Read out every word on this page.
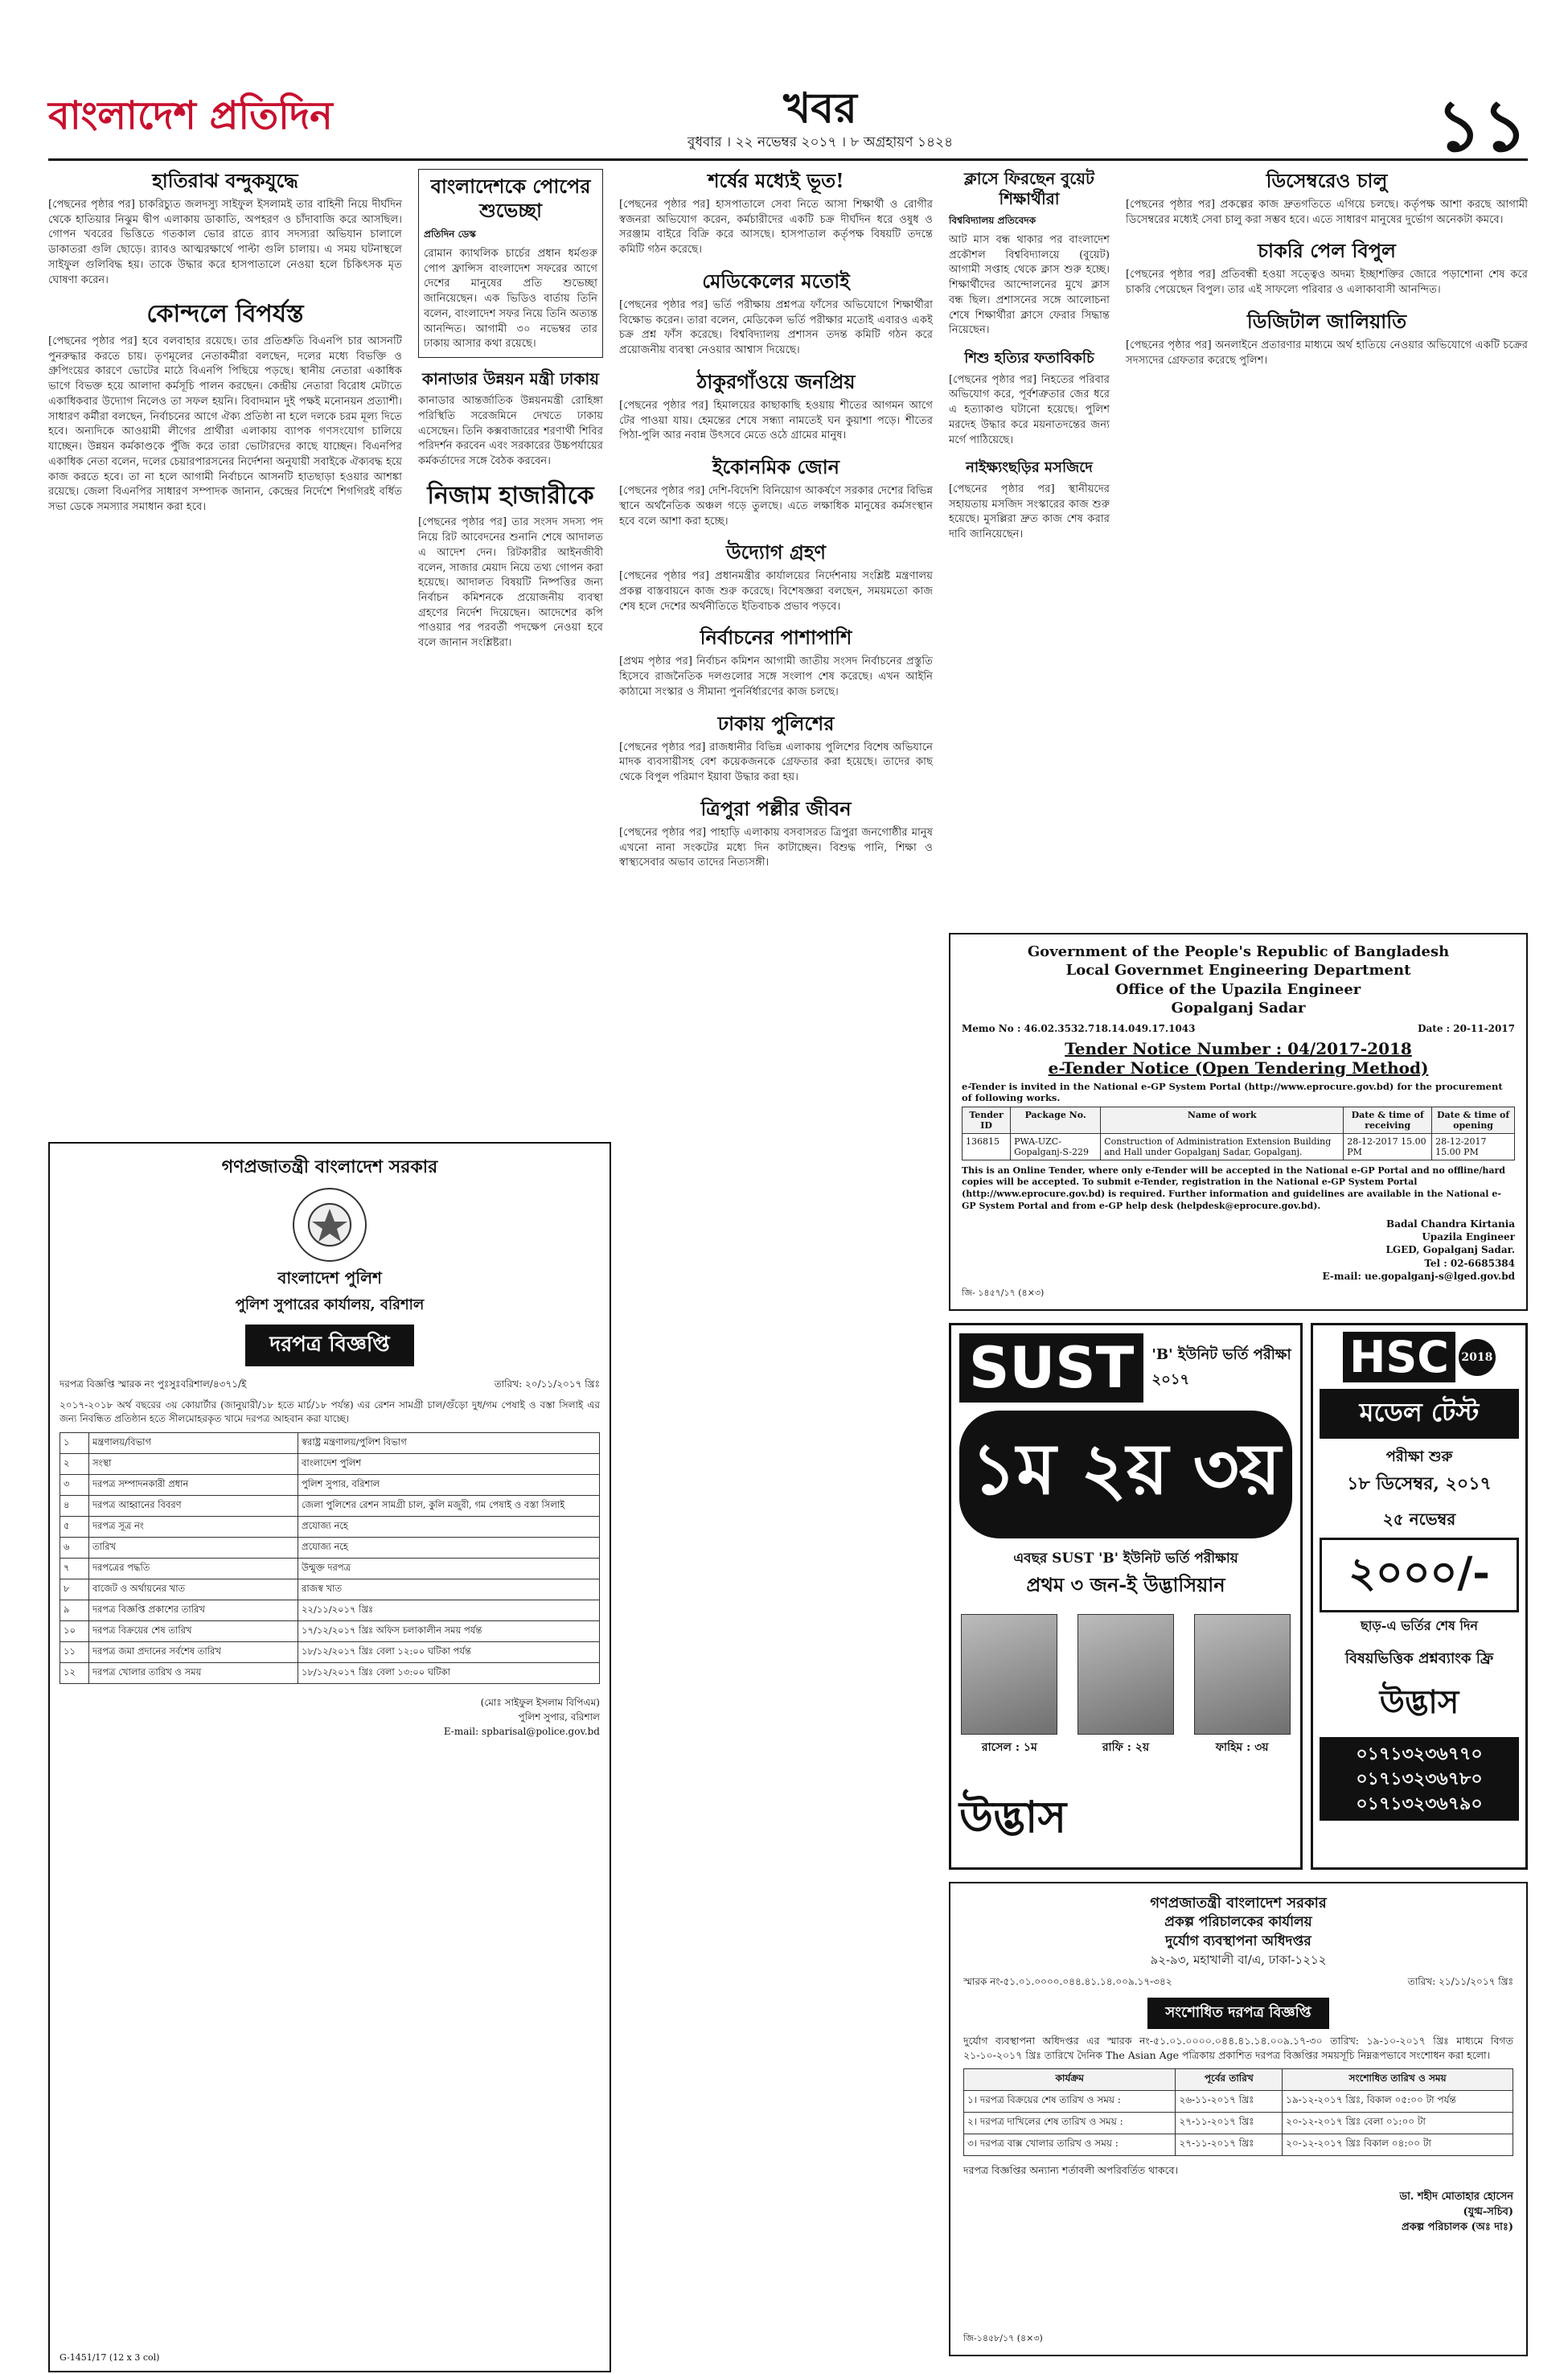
বাংলাদেশ প্রতিদিন	খবর
বুধবার । ২২ নভেম্বর ২০১৭ । ৮ অগ্রহায়ণ ১৪২৪	১১
হাতিরাঝ বন্দুকযুদ্ধে
[পেছনের পৃষ্ঠার পর] চাকরিচ্যুত জলদস্যু সাইফুল ইসলামই তার বাহিনী নিয়ে দীর্ঘদিন থেকে হাতিয়ার নিঝুম দ্বীপ এলাকায় ডাকাতি, অপহরণ ও চাঁদাবাজি করে আসছিল। গোপন খবরের ভিত্তিতে গতকাল ভোর রাতে র‌্যাব সদস্যরা অভিযান চালালে ডাকাতরা গুলি ছোড়ে। র‌্যাবও আত্মরক্ষার্থে পাল্টা গুলি চালায়। এ সময় ঘটনাস্থলে সাইফুল গুলিবিদ্ধ হয়। তাকে উদ্ধার করে হাসপাতালে নেওয়া হলে চিকিৎসক মৃত ঘোষণা করেন।
কোন্দলে বিপর্যস্ত
[পেছনের পৃষ্ঠার পর] হবে বলবাহার রয়েছে। তার প্রতিশ্রুতি বিএনপি চার আসনটি পুনরুদ্ধার করতে চায়। তৃণমূলের নেতাকর্মীরা বলছেন, দলের মধ্যে বিভক্তি ও গ্রুপিংয়ের কারণে ভোটের মাঠে বিএনপি পিছিয়ে পড়ছে। স্থানীয় নেতারা একাধিক ভাগে বিভক্ত হয়ে আলাদা কর্মসূচি পালন করছেন। কেন্দ্রীয় নেতারা বিরোধ মেটাতে একাধিকবার উদ্যোগ নিলেও তা সফল হয়নি। বিবাদমান দুই পক্ষই মনোনয়ন প্রত্যাশী। সাধারণ কর্মীরা বলছেন, নির্বাচনের আগে ঐক্য প্রতিষ্ঠা না হলে দলকে চরম মূল্য দিতে হবে। অন্যদিকে আওয়ামী লীগের প্রার্থীরা এলাকায় ব্যাপক গণসংযোগ চালিয়ে যাচ্ছেন। উন্নয়ন কর্মকাণ্ডকে পুঁজি করে তারা ভোটারদের কাছে যাচ্ছেন। বিএনপির একাধিক নেতা বলেন, দলের চেয়ারপারসনের নির্দেশনা অনুযায়ী সবাইকে ঐক্যবদ্ধ হয়ে কাজ করতে হবে। তা না হলে আগামী নির্বাচনে আসনটি হাতছাড়া হওয়ার আশঙ্কা রয়েছে। জেলা বিএনপির সাধারণ সম্পাদক জানান, কেন্দ্রের নির্দেশে শিগগিরই বর্ধিত সভা ডেকে সমস্যার সমাধান করা হবে।
বাংলাদেশকে পোপের শুভেচ্ছা
প্রতিদিন ডেস্ক
রোমান ক্যাথলিক চার্চের প্রধান ধর্মগুরু পোপ ফ্রান্সিস বাংলাদেশ সফরের আগে দেশের মানুষের প্রতি শুভেচ্ছা জানিয়েছেন। এক ভিডিও বার্তায় তিনি বলেন, বাংলাদেশ সফর নিয়ে তিনি অত্যন্ত আনন্দিত। আগামী ৩০ নভেম্বর তার ঢাকায় আসার কথা রয়েছে।
কানাডার উন্নয়ন মন্ত্রী ঢাকায়
কানাডার আন্তর্জাতিক উন্নয়নমন্ত্রী রোহিঙ্গা পরিস্থিতি সরেজমিনে দেখতে ঢাকায় এসেছেন। তিনি কক্সবাজারের শরণার্থী শিবির পরিদর্শন করবেন এবং সরকারের উচ্চপর্যায়ের কর্মকর্তাদের সঙ্গে বৈঠক করবেন।
নিজাম হাজারীকে
[পেছনের পৃষ্ঠার পর] তার সংসদ সদস্য পদ নিয়ে রিট আবেদনের শুনানি শেষে আদালত এ আদেশ দেন। রিটকারীর আইনজীবী বলেন, সাজার মেয়াদ নিয়ে তথ্য গোপন করা হয়েছে। আদালত বিষয়টি নিষ্পত্তির জন্য নির্বাচন কমিশনকে প্রয়োজনীয় ব্যবস্থা গ্রহণের নির্দেশ দিয়েছেন। আদেশের কপি পাওয়ার পর পরবর্তী পদক্ষেপ নেওয়া হবে বলে জানান সংশ্লিষ্টরা।
শর্ষের মধ্যেই ভূত!
[পেছনের পৃষ্ঠার পর] হাসপাতালে সেবা নিতে আসা শিক্ষার্থী ও রোগীর স্বজনরা অভিযোগ করেন, কর্মচারীদের একটি চক্র দীর্ঘদিন ধরে ওষুধ ও সরঞ্জাম বাইরে বিক্রি করে আসছে। হাসপাতাল কর্তৃপক্ষ বিষয়টি তদন্তে কমিটি গঠন করেছে।
মেডিকেলের মতোই
[পেছনের পৃষ্ঠার পর] ভর্তি পরীক্ষায় প্রশ্নপত্র ফাঁসের অভিযোগে শিক্ষার্থীরা বিক্ষোভ করেন। তারা বলেন, মেডিকেল ভর্তি পরীক্ষার মতোই এবারও একই চক্র প্রশ্ন ফাঁস করেছে। বিশ্ববিদ্যালয় প্রশাসন তদন্ত কমিটি গঠন করে প্রয়োজনীয় ব্যবস্থা নেওয়ার আশ্বাস দিয়েছে।
ঠাকুরগাঁওয়ে জনপ্রিয়
[পেছনের পৃষ্ঠার পর] হিমালয়ের কাছাকাছি হওয়ায় শীতের আগমন আগে টের পাওয়া যায়। হেমন্তের শেষে সন্ধ্যা নামতেই ঘন কুয়াশা পড়ে। শীতের পিঠা-পুলি আর নবান্ন উৎসবে মেতে ওঠে গ্রামের মানুষ।
ইকোনমিক জোন
[পেছনের পৃষ্ঠার পর] দেশি-বিদেশি বিনিয়োগ আকর্ষণে সরকার দেশের বিভিন্ন স্থানে অর্থনৈতিক অঞ্চল গড়ে তুলছে। এতে লক্ষাধিক মানুষের কর্মসংস্থান হবে বলে আশা করা হচ্ছে।
উদ্যোগ গ্রহণ
[পেছনের পৃষ্ঠার পর] প্রধানমন্ত্রীর কার্যালয়ের নির্দেশনায় সংশ্লিষ্ট মন্ত্রণালয় প্রকল্প বাস্তবায়নে কাজ শুরু করেছে। বিশেষজ্ঞরা বলছেন, সময়মতো কাজ শেষ হলে দেশের অর্থনীতিতে ইতিবাচক প্রভাব পড়বে।
নির্বাচনের পাশাপাশি
[প্রথম পৃষ্ঠার পর] নির্বাচন কমিশন আগামী জাতীয় সংসদ নির্বাচনের প্রস্তুতি হিসেবে রাজনৈতিক দলগুলোর সঙ্গে সংলাপ শেষ করেছে। এখন আইনি কাঠামো সংস্কার ও সীমানা পুনর্নির্ধারণের কাজ চলছে।
ঢাকায় পুলিশের
[পেছনের পৃষ্ঠার পর] রাজধানীর বিভিন্ন এলাকায় পুলিশের বিশেষ অভিযানে মাদক ব্যবসায়ীসহ বেশ কয়েকজনকে গ্রেফতার করা হয়েছে। তাদের কাছ থেকে বিপুল পরিমাণ ইয়াবা উদ্ধার করা হয়।
ত্রিপুরা পল্লীর জীবন
[পেছনের পৃষ্ঠার পর] পাহাড়ি এলাকায় বসবাসরত ত্রিপুরা জনগোষ্ঠীর মানুষ এখনো নানা সংকটের মধ্যে দিন কাটাচ্ছেন। বিশুদ্ধ পানি, শিক্ষা ও স্বাস্থ্যসেবার অভাব তাদের নিত্যসঙ্গী।
ক্লাসে ফিরছেন বুয়েট শিক্ষার্থীরা
বিশ্ববিদ্যালয় প্রতিবেদক
আট মাস বন্ধ থাকার পর বাংলাদেশ প্রকৌশল বিশ্ববিদ্যালয়ে (বুয়েট) আগামী সপ্তাহ থেকে ক্লাস শুরু হচ্ছে। শিক্ষার্থীদের আন্দোলনের মুখে ক্লাস বন্ধ ছিল। প্রশাসনের সঙ্গে আলোচনা শেষে শিক্ষার্থীরা ক্লাসে ফেরার সিদ্ধান্ত নিয়েছেন।
শিশু হত্যির ফতাবিকচি
[পেছনের পৃষ্ঠার পর] নিহতের পরিবার অভিযোগ করে, পূর্বশত্রুতার জের ধরে এ হত্যাকাণ্ড ঘটানো হয়েছে। পুলিশ মরদেহ উদ্ধার করে ময়নাতদন্তের জন্য মর্গে পাঠিয়েছে।
নাইক্ষ্যংছড়ির মসজিদে
[পেছনের পৃষ্ঠার পর] স্থানীয়দের সহায়তায় মসজিদ সংস্কারের কাজ শুরু হয়েছে। মুসল্লিরা দ্রুত কাজ শেষ করার দাবি জানিয়েছেন।
ডিসেম্বরেও চালু
[পেছনের পৃষ্ঠার পর] প্রকল্পের কাজ দ্রুতগতিতে এগিয়ে চলছে। কর্তৃপক্ষ আশা করছে আগামী ডিসেম্বরের মধ্যেই সেবা চালু করা সম্ভব হবে। এতে সাধারণ মানুষের দুর্ভোগ অনেকটা কমবে।
চাকরি পেল বিপুল
[পেছনের পৃষ্ঠার পর] প্রতিবন্ধী হওয়া সত্ত্বেও অদম্য ইচ্ছাশক্তির জোরে পড়াশোনা শেষ করে চাকরি পেয়েছেন বিপুল। তার এই সাফল্যে পরিবার ও এলাকাবাসী আনন্দিত।
ডিজিটাল জালিয়াতি
[পেছনের পৃষ্ঠার পর] অনলাইনে প্রতারণার মাধ্যমে অর্থ হাতিয়ে নেওয়ার অভিযোগে একটি চক্রের সদস্যদের গ্রেফতার করেছে পুলিশ।
গণপ্রজাতন্ত্রী বাংলাদেশ সরকার
বাংলাদেশ পুলিশ
পুলিশ সুপারের কার্যালয়, বরিশাল
দরপত্র বিজ্ঞপ্তি
দরপত্র বিজ্ঞপ্তি স্মারক নং পুঃসুঃবরিশাল/৪৩৭১/ই	তারিখ: ২০/১১/২০১৭ খ্রিঃ
২০১৭-২০১৮ অর্থ বছরের ৩য় কোয়ার্টার (জানুয়ারী/১৮ হতে মার্চ/১৮ পর্যন্ত) এর রেশন সামগ্রী চাল/গুঁড়ো দুধ/গম পেষাই ও বস্তা সিলাই এর জন্য নিবন্ধিত প্রতিষ্ঠান হতে সীলমোহরকৃত খামে দরপত্র আহবান করা যাচ্ছে।
১	মন্ত্রণালয়/বিভাগ	স্বরাষ্ট্র মন্ত্রণালয়/পুলিশ বিভাগ
২	সংস্থা	বাংলাদেশ পুলিশ
৩	দরপত্র সম্পাদনকারী প্রধান	পুলিশ সুপার, বরিশাল
৪	দরপত্র আহ্বানের বিবরণ	জেলা পুলিশের রেশন সামগ্রী চাল, কুলি মজুরী, গম পেষাই ও বস্তা সিলাই
৫	দরপত্র সূত্র নং	প্রযোজ্য নহে
৬	তারিখ	প্রযোজ্য নহে
৭	দরপত্রের পদ্ধতি	উন্মুক্ত দরপত্র
৮	বাজেট ও অর্থায়নের খাত	রাজস্ব খাত
৯	দরপত্র বিজ্ঞপ্তি প্রকাশের তারিখ	২২/১১/২০১৭ খ্রিঃ
১০	দরপত্র বিক্রয়ের শেষ তারিখ	১৭/১২/২০১৭ খ্রিঃ অফিস চলাকালীন সময় পর্যন্ত
১১	দরপত্র জমা প্রদানের সর্বশেষ তারিখ	১৮/১২/২০১৭ খ্রিঃ বেলা ১২:০০ ঘটিকা পর্যন্ত
১২	দরপত্র খোলার তারিখ ও সময়	১৮/১২/২০১৭ খ্রিঃ বেলা ১৩:০০ ঘটিকা
(মোঃ সাইফুল ইসলাম বিপিএম)
পুলিশ সুপার, বরিশাল
E-mail: spbarisal@police.gov.bd
G-1451/17 (12 x 3 col)
Government of the People's Republic of Bangladesh
Local Governmet Engineering Department
Office of the Upazila Engineer
Gopalganj Sadar
Memo No : 46.02.3532.718.14.049.17.1043	Date : 20-11-2017
Tender Notice Number : 04/2017-2018
e-Tender Notice (Open Tendering Method)
e-Tender is invited in the National e-GP System Portal (http://www.eprocure.gov.bd) for the procurement of following works.
Tender ID	Package No.	Name of work	Date & time of receiving	Date & time of opening
136815	PWA-UZC-Gopalganj-S-229	Construction of Administration Extension Building and Hall under Gopalganj Sadar, Gopalganj.	28-12-2017 15.00 PM	28-12-2017 15.00 PM
This is an Online Tender, where only e-Tender will be accepted in the National e-GP Portal and no offline/hard copies will be accepted. To submit e-Tender, registration in the National e-GP System Portal (http://www.eprocure.gov.bd) is required. Further information and guidelines are available in the National e-GP System Portal and from e-GP help desk (helpdesk@eprocure.gov.bd).
Badal Chandra Kirtania
Upazila Engineer
LGED, Gopalganj Sadar.
Tel : 02-6685384
E-mail: ue.gopalganj-s@lged.gov.bd
জি- ১৪৫৭/১৭ (৪×৩)
SUST	'B' ইউনিট ভর্তি পরীক্ষা ২০১৭
১ম ২য় ৩য়
এবছর SUST 'B' ইউনিট ভর্তি পরীক্ষায়
প্রথম ৩ জন-ই উদ্ভাসিয়ান
রাসেল : ১ম	রাফি : ২য়	ফাহিম : ৩য়
উদ্ভাস
HSC	2018
মডেল টেস্ট
পরীক্ষা শুরু
১৮ ডিসেম্বর, ২০১৭
২৫ নভেম্বর
২০০০/-
ছাড়-এ ভর্তির শেষ দিন
বিষয়ভিত্তিক প্রশ্নব্যাংক ফ্রি
উদ্ভাস
০১৭১৩২৩৬৭৭০
০১৭১৩২৩৬৭৮০
০১৭১৩২৩৬৭৯০
গণপ্রজাতন্ত্রী বাংলাদেশ সরকার
প্রকল্প পরিচালকের কার্যালয়
দুর্যোগ ব্যবস্থাপনা অধিদপ্তর
৯২-৯৩, মহাখালী বা/এ, ঢাকা-১২১২
স্মারক নং-৫১.০১.০০০০.০৪৪.৪১.১৪.০০৯.১৭-৩৪২	তারিখ: ২১/১১/২০১৭ খ্রিঃ
সংশোধিত দরপত্র বিজ্ঞপ্তি
দুর্যোগ ব্যবস্থাপনা অধিদপ্তর এর স্মারক নং-৫১.০১.০০০০.০৪৪.৪১.১৪.০০৯.১৭-৩০ তারিখ: ১৯-১০-২০১৭ খ্রিঃ মাধ্যমে বিগত ২১-১০-২০১৭ খ্রিঃ তারিখে দৈনিক The Asian Age পত্রিকায় প্রকাশিত দরপত্র বিজ্ঞপ্তির সময়সূচি নিম্নরূপভাবে সংশোধন করা হলো।
কার্যক্রম	পূর্বের তারিখ	সংশোধিত তারিখ ও সময়
১। দরপত্র বিক্রয়ের শেষ তারিখ ও সময় :	২৬-১১-২০১৭ খ্রিঃ	১৯-১২-২০১৭ খ্রিঃ, বিকাল ০৫:০০ টা পর্যন্ত
২। দরপত্র দাখিলের শেষ তারিখ ও সময় :	২৭-১১-২০১৭ খ্রিঃ	২০-১২-২০১৭ খ্রিঃ বেলা ০১:০০ টা
৩। দরপত্র বাক্স খোলার তারিখ ও সময় :	২৭-১১-২০১৭ খ্রিঃ	২০-১২-২০১৭ খ্রিঃ বিকাল ০৪:০০ টা
দরপত্র বিজ্ঞপ্তির অন্যান্য শর্তাবলী অপরিবর্তিত থাকবে।
ডা. শহীদ মোতাহার হোসেন
(যুগ্ম-সচিব)
প্রকল্প পরিচালক (অঃ দাঃ)
জি-১৪৫৮/১৭ (৪×৩)
